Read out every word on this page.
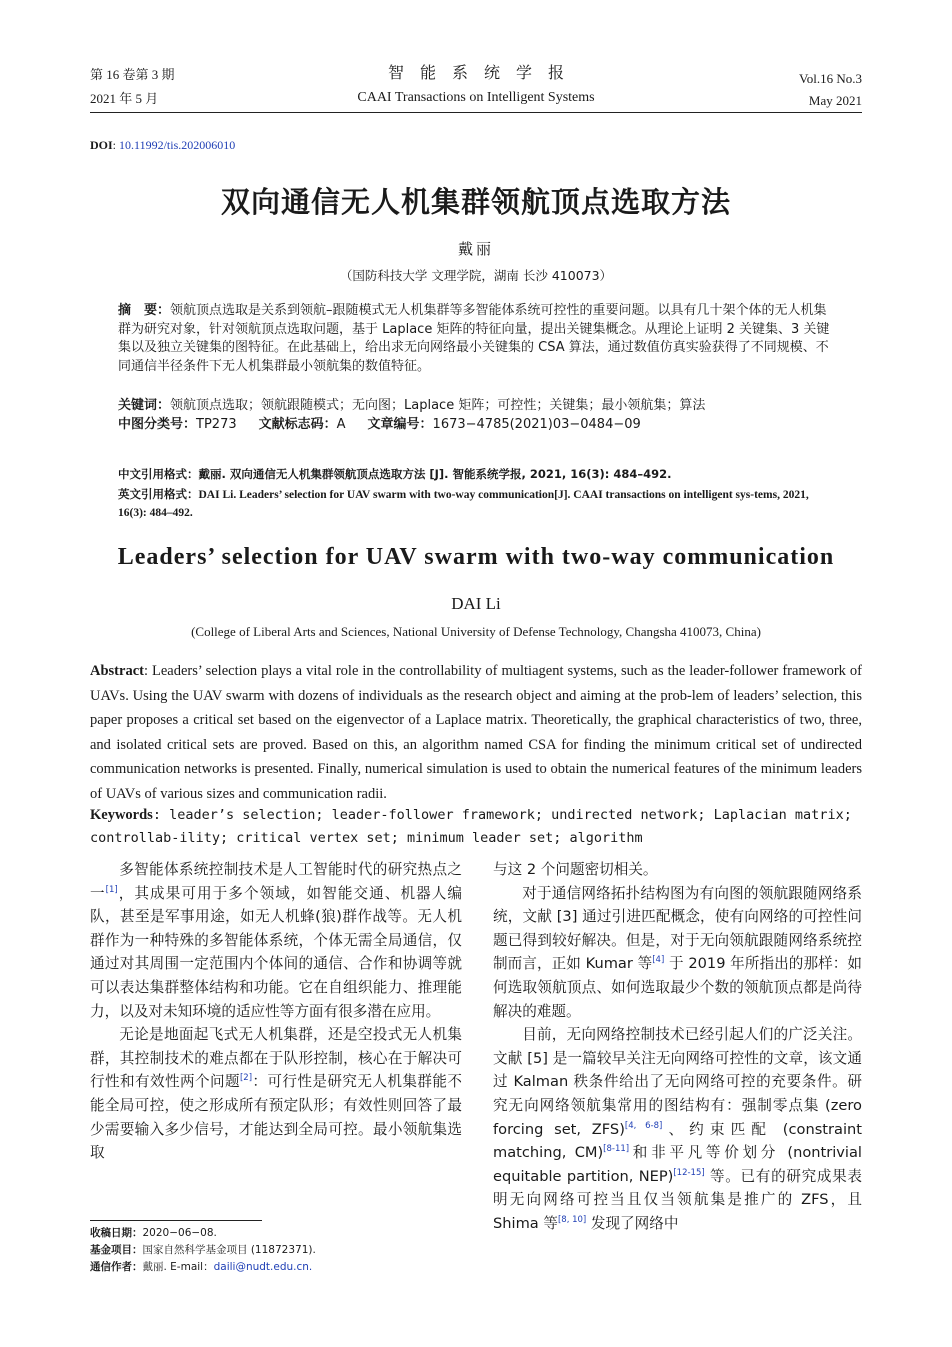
第 16 卷第 3 期
2021 年 5 月
智　能　系　统　学　报
CAAI Transactions on Intelligent Systems
Vol.16 No.3
May 2021
DOI: 10.11992/tis.202006010
双向通信无人机集群领航顶点选取方法
戴丽
（国防科技大学 文理学院，湖南 长沙 410073）
摘　要：领航顶点选取是关系到领航–跟随模式无人机集群等多智能体系统可控性的重要问题。以具有几十架个体的无人机集群为研究对象，针对领航顶点选取问题，基于 Laplace 矩阵的特征向量，提出关键集概念。从理论上证明 2 关键集、3 关键集以及独立关键集的图特征。在此基础上，给出求无向网络最小关键集的 CSA 算法，通过数值仿真实验获得了不同规模、不同通信半径条件下无人机集群最小领航集的数值特征。
关键词：领航顶点选取；领航跟随模式；无向图；Laplace 矩阵；可控性；关键集；最小领航集；算法
中图分类号：TP273 文献标志码：A 文章编号：1673−4785(2021)03−0484−09
中文引用格式：戴丽. 双向通信无人机集群领航顶点选取方法 [J]. 智能系统学报, 2021, 16(3): 484–492.
英文引用格式：DAI Li. Leaders’ selection for UAV swarm with two-way communication[J]. CAAI transactions on intelligent sys-tems, 2021, 16(3): 484–492.
Leaders’ selection for UAV swarm with two-way communication
DAI Li
(College of Liberal Arts and Sciences, National University of Defense Technology, Changsha 410073, China)
Abstract: Leaders’ selection plays a vital role in the controllability of multiagent systems, such as the leader-follower framework of UAVs. Using the UAV swarm with dozens of individuals as the research object and aiming at the prob-lem of leaders’ selection, this paper proposes a critical set based on the eigenvector of a Laplace matrix. Theoretically, the graphical characteristics of two, three, and isolated critical sets are proved. Based on this, an algorithm named CSA for finding the minimum critical set of undirected communication networks is presented. Finally, numerical simulation is used to obtain the numerical features of the minimum leaders of UAVs of various sizes and communication radii.
Keywords: leader’s selection; leader-follower framework; undirected network; Laplacian matrix; controllab-ility; critical vertex set; minimum leader set; algorithm

多智能体系统控制技术是人工智能时代的研究热点之一[1]，其成果可用于多个领域，如智能交通、机器人编队，甚至是军事用途，如无人机蜂(狼)群作战等。无人机群作为一种特殊的多智能体系统，个体无需全局通信，仅通过对其周围一定范围内个体间的通信、合作和协调等就可以表达集群整体结构和功能。它在自组织能力、推理能力，以及对未知环境的适应性等方面有很多潜在应用。

无论是地面起飞式无人机集群，还是空投式无人机集群，其控制技术的难点都在于队形控制，核心在于解决可行性和有效性两个问题[2]：可行性是研究无人机集群能不能全局可控，使之形成所有预定队形；有效性则回答了最少需要输入多少信号，才能达到全局可控。最小领航集选取

收稿日期：2020−06−08.
基金项目：国家自然科学基金项目 (11872371).
通信作者：戴丽. E-mail：daili@nudt.edu.cn.

与这 2 个问题密切相关。

对于通信网络拓扑结构图为有向图的领航跟随网络系统，文献 [3] 通过引进匹配概念，使有向网络的可控性问题已得到较好解决。但是，对于无向领航跟随网络系统控制而言，正如 Kumar 等[4] 于 2019 年所指出的那样：如何选取领航顶点、如何选取最少个数的领航顶点都是尚待解决的难题。

目前，无向网络控制技术已经引起人们的广泛关注。文献 [5] 是一篇较早关注无向网络可控性的文章，该文通过 Kalman 秩条件给出了无向网络可控的充要条件。研究无向网络领航集常用的图结构有：强制零点集 (zero forcing set, ZFS)[4, 6-8]、约束匹配 (constraint matching, CM)[8-11]和非平凡等价划分 (nontrivial equitable partition, NEP)[12-15] 等。已有的研究成果表明无向网络可控当且仅当领航集是推广的 ZFS，且 Shima 等[8, 10] 发现了网络中
